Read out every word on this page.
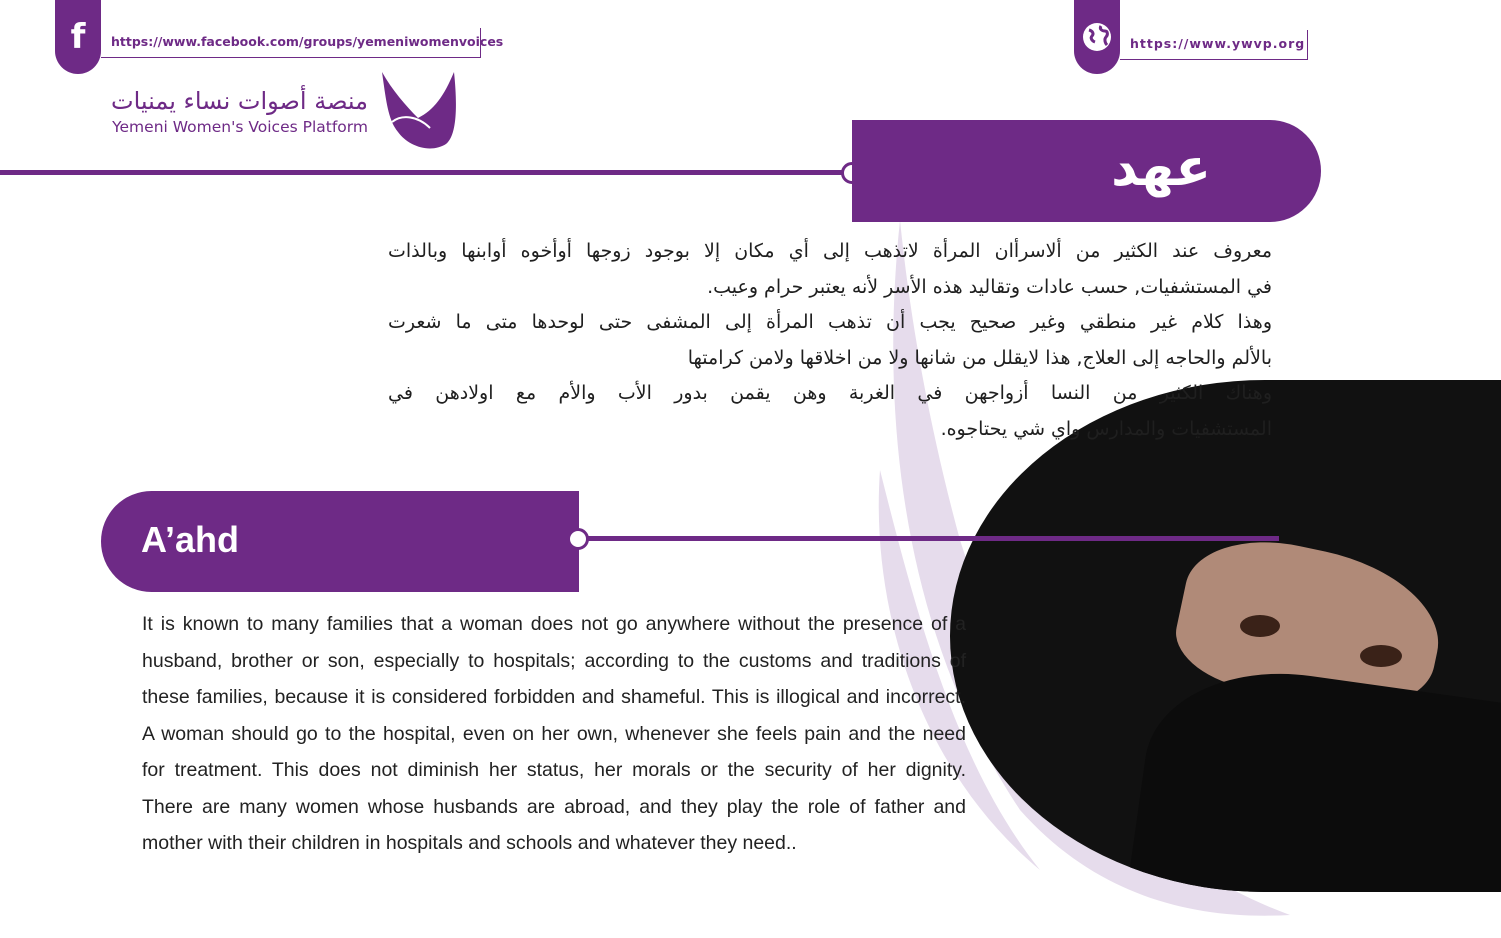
f	https://www.facebook.com/groups/yemeniwomenvoices	https://www.ywvp.org
منصة أصوات نساء يمنيات
Yemeni Women's Voices Platform
عهد

معروف عند الكثير من ألاسرأان المرأة لاتذهب إلى أي مكان إلا بوجود زوجها أوأخوه أوابنها وبالذات

في المستشفيات, حسب عادات وتقاليد هذه الأسر لأنه يعتبر حرام وعيب.

وهذا كلام غير منطقي وغير صحيح يجب أن تذهب المرأة إلى المشفى حتى لوحدها متى ما شعرت

بالألم والحاجه إلى العلاج, هذا لايقلل من شانها ولا من اخلاقها ولامن كرامتها

وهناك الكثير من النسا أزواجهن في الغربة وهن يقمن بدور الأب والأم مع اولادهن في

المستشفيات والمدارس واي شي يحتاجوه.

A’ahd

It is known to many families that a woman does not go anywhere without the presence of a

husband, brother or son, especially to hospitals; according to the customs and traditions of

these families, because it is considered forbidden and shameful. This is illogical and incorrect.

A woman should go to the hospital, even on her own, whenever she feels pain and the need

for treatment. This does not diminish her status, her morals or the security of her dignity.

There are many women whose husbands are abroad, and they play the role of father and

mother with their children in hospitals and schools and whatever they need..
